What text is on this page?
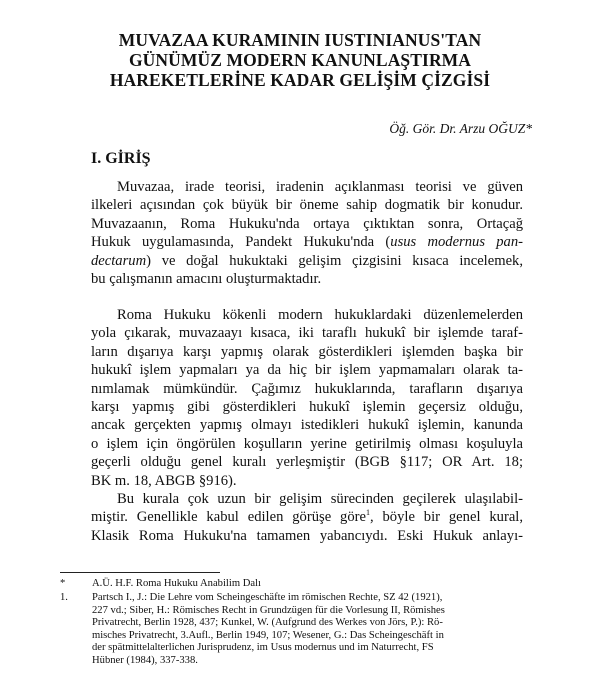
MUVAZAA KURAMININ IUSTINIANUS'TAN
GÜNÜMÜZ MODERN KANUNLAŞTIRMA
HAREKETLERİNE KADAR GELİŞİM ÇİZGİSİ
Öğ. Gör. Dr. Arzu OĞUZ*
I. GİRİŞ
Muvazaa, irade teorisi, iradenin açıklanması teorisi ve güven
ilkeleri açısından çok büyük bir öneme sahip dogmatik bir konudur.
Muvazaanın, Roma Hukuku'nda ortaya çıktıktan sonra, Ortaçağ
Hukuk uygulamasında, Pandekt Hukuku'nda (usus modernus pan-
dectarum) ve doğal hukuktaki gelişim çizgisini kısaca incelemek,
bu çalışmanın amacını oluşturmaktadır.
Roma Hukuku kökenli modern hukuklardaki düzenlemelerden
yola çıkarak, muvazaayı kısaca, iki taraflı hukukî bir işlemde taraf-
ların dışarıya karşı yapmış olarak gösterdikleri işlemden başka bir
hukukî işlem yapmaları ya da hiç bir işlem yapmamaları olarak ta-
nımlamak mümkündür. Çağımız hukuklarında, tarafların dışarıya
karşı yapmış gibi gösterdikleri hukukî işlemin geçersiz olduğu,
ancak gerçekten yapmış olmayı istedikleri hukukî işlemin, kanunda
o işlem için öngörülen koşulların yerine getirilmiş olması koşuluyla
geçerli olduğu genel kuralı yerleşmiştir (BGB §117; OR Art. 18;
BK m. 18, ABGB §916).
Bu kurala çok uzun bir gelişim sürecinden geçilerek ulaşılabil-
miştir. Genellikle kabul edilen görüşe göre$^1$, böyle bir genel kural,
Klasik Roma Hukuku'na tamamen yabancıydı. Eski Hukuk anlayı-
*	A.Ü. H.F. Roma Hukuku Anabilim Dalı
1. Partsch I., J.: Die Lehre vom Scheingeschäfte im römischen Rechte, SZ 42 (1921),
227 vd.; Siber, H.: Römisches Recht in Grundzügen für die Vorlesung II, Römishes
Privatrecht, Berlin 1928, 437; Kunkel, W. (Aufgrund des Werkes von Jörs, P.): Rö-
misches Privatrecht, 3.Aufl., Berlin 1949, 107; Wesener, G.: Das Scheingeschäft in
der spätmittelalterlichen Jurisprudenz, im Usus modernus und im Naturrecht, FS
Hübner (1984), 337-338.
